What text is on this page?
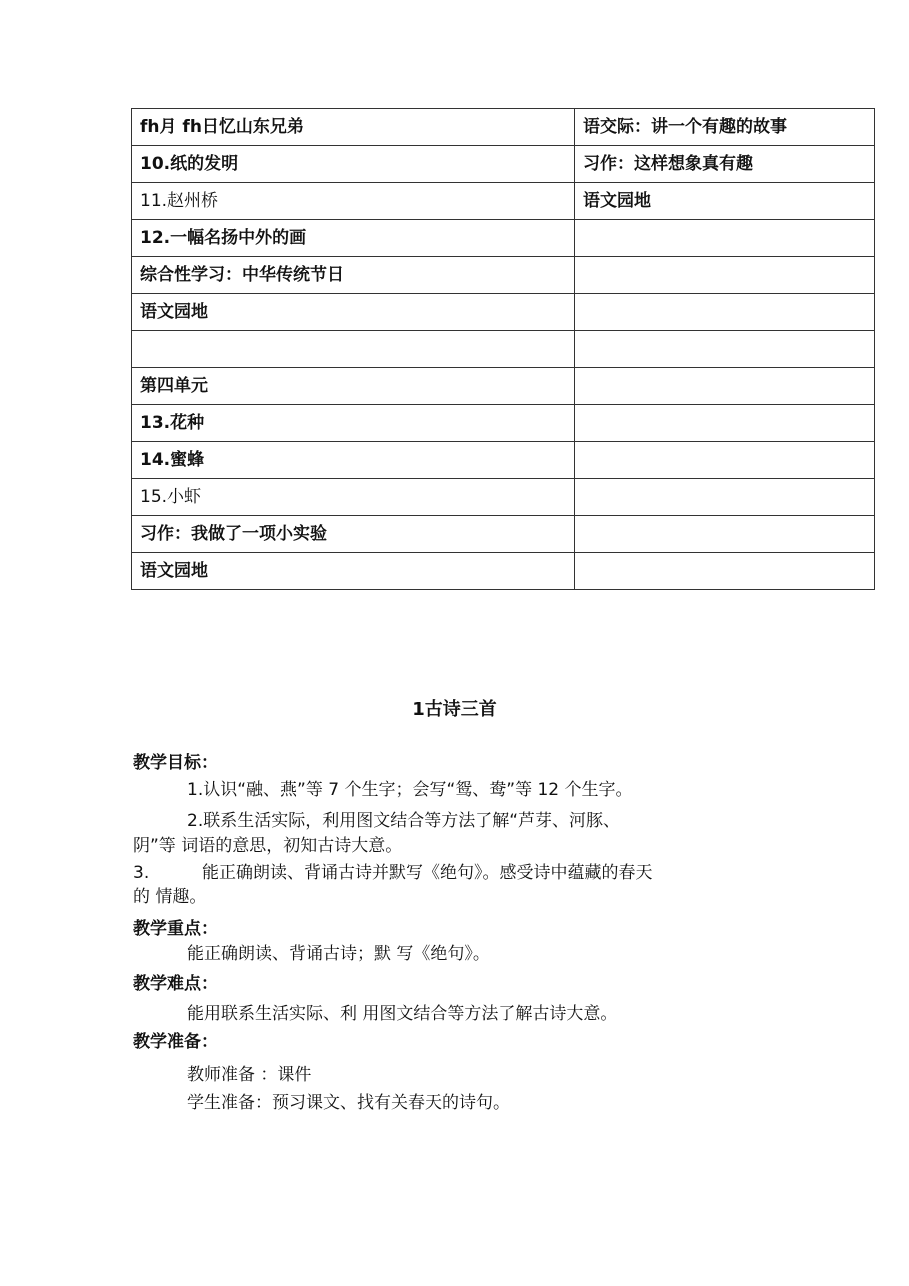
fh月 fh日忆山东兄弟	语交际：讲一个有趣的故事
10.纸的发明	习作：这样想象真有趣
11.赵州桥	语文园地
12.一幅名扬中外的画	
综合性学习：中华传统节日	
语文园地	

第四单元	
13.花种	
14.蜜蜂	
15.小虾	
习作：我做了一项小实验	
语文园地	
1古诗三首
教学目标：
1.认识“融、燕”等 7 个生字；会写“鸳、鸯”等 12 个生字。
2.联系生活实际，利用图文结合等方法了解“芦芽、河豚、
阴”等 词语的意思，初知古诗大意。
3.	能正确朗读、背诵古诗并默写《绝句》。感受诗中蕴藏的春天
的 情趣。
教学重点：
能正确朗读、背诵古诗；默 写《绝句》。
教学难点：
能用联系生活实际、利 用图文结合等方法了解古诗大意。
教学准备：
教师准备 ：课件
学生准备：预习课文、找有关春天的诗句。
